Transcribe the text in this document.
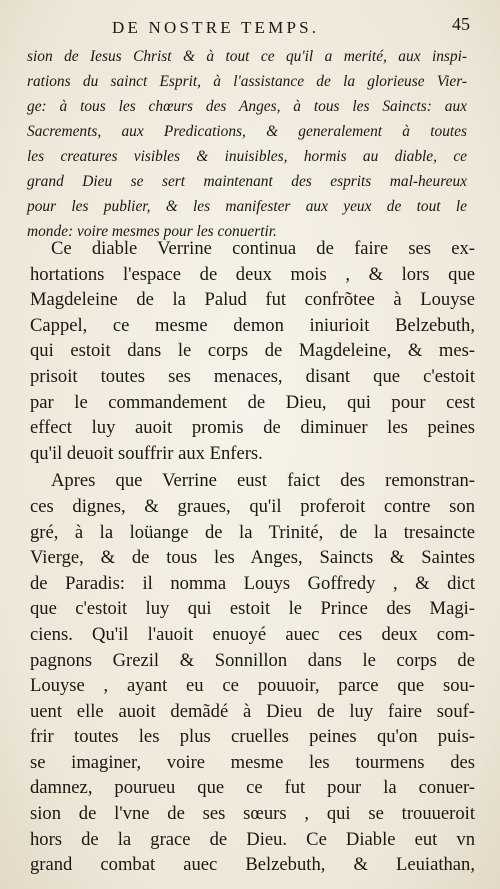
DE NOSTRE TEMPS.	45
sion de Iesus Christ & à tout ce qu'il a merité, aux inspi-
rations du sainct Esprit, à l'assistance de la glorieuse Vier-
ge: à tous les chœurs des Anges, à tous les Saincts: aux
Sacrements, aux Predications, & generalement à toutes
les creatures visibles & inuisibles, hormis au diable, ce
grand Dieu se sert maintenant des esprits mal-heureux
pour les publier, & les manifester aux yeux de tout le
monde: voire mesmes pour les conuertir.
Ce diable Verrine continua de faire ses ex-
hortations l'espace de deux mois , & lors que
Magdeleine de la Palud fut confrõtee à Louyse
Cappel, ce mesme demon iniurioit Belzebuth,
qui estoit dans le corps de Magdeleine, & mes-
prisoit toutes ses menaces, disant que c'estoit
par le commandement de Dieu, qui pour cest
effect luy auoit promis de diminuer les peines
qu'il deuoit souffrir aux Enfers.
Apres que Verrine eust faict des remonstran-
ces dignes, & graues, qu'il proferoit contre son
gré, à la loüange de la Trinité, de la tresaincte
Vierge, & de tous les Anges, Saincts & Saintes
de Paradis: il nomma Louys Goffredy , & dict
que c'estoit luy qui estoit le Prince des Magi-
ciens. Qu'il l'auoit enuoyé auec ces deux com-
pagnons Grezil & Sonnillon dans le corps de
Louyse , ayant eu ce pouuoir, parce que sou-
uent elle auoit demãdé à Dieu de luy faire souf-
frir toutes les plus cruelles peines qu'on puis-
se imaginer, voire mesme les tourmens des
damnez, pourueu que ce fut pour la conuer-
sion de l'vne de ses sœurs , qui se trouueroit
hors de la grace de Dieu. Ce Diable eut vn
grand combat auec Belzebuth, & Leuiathan,
